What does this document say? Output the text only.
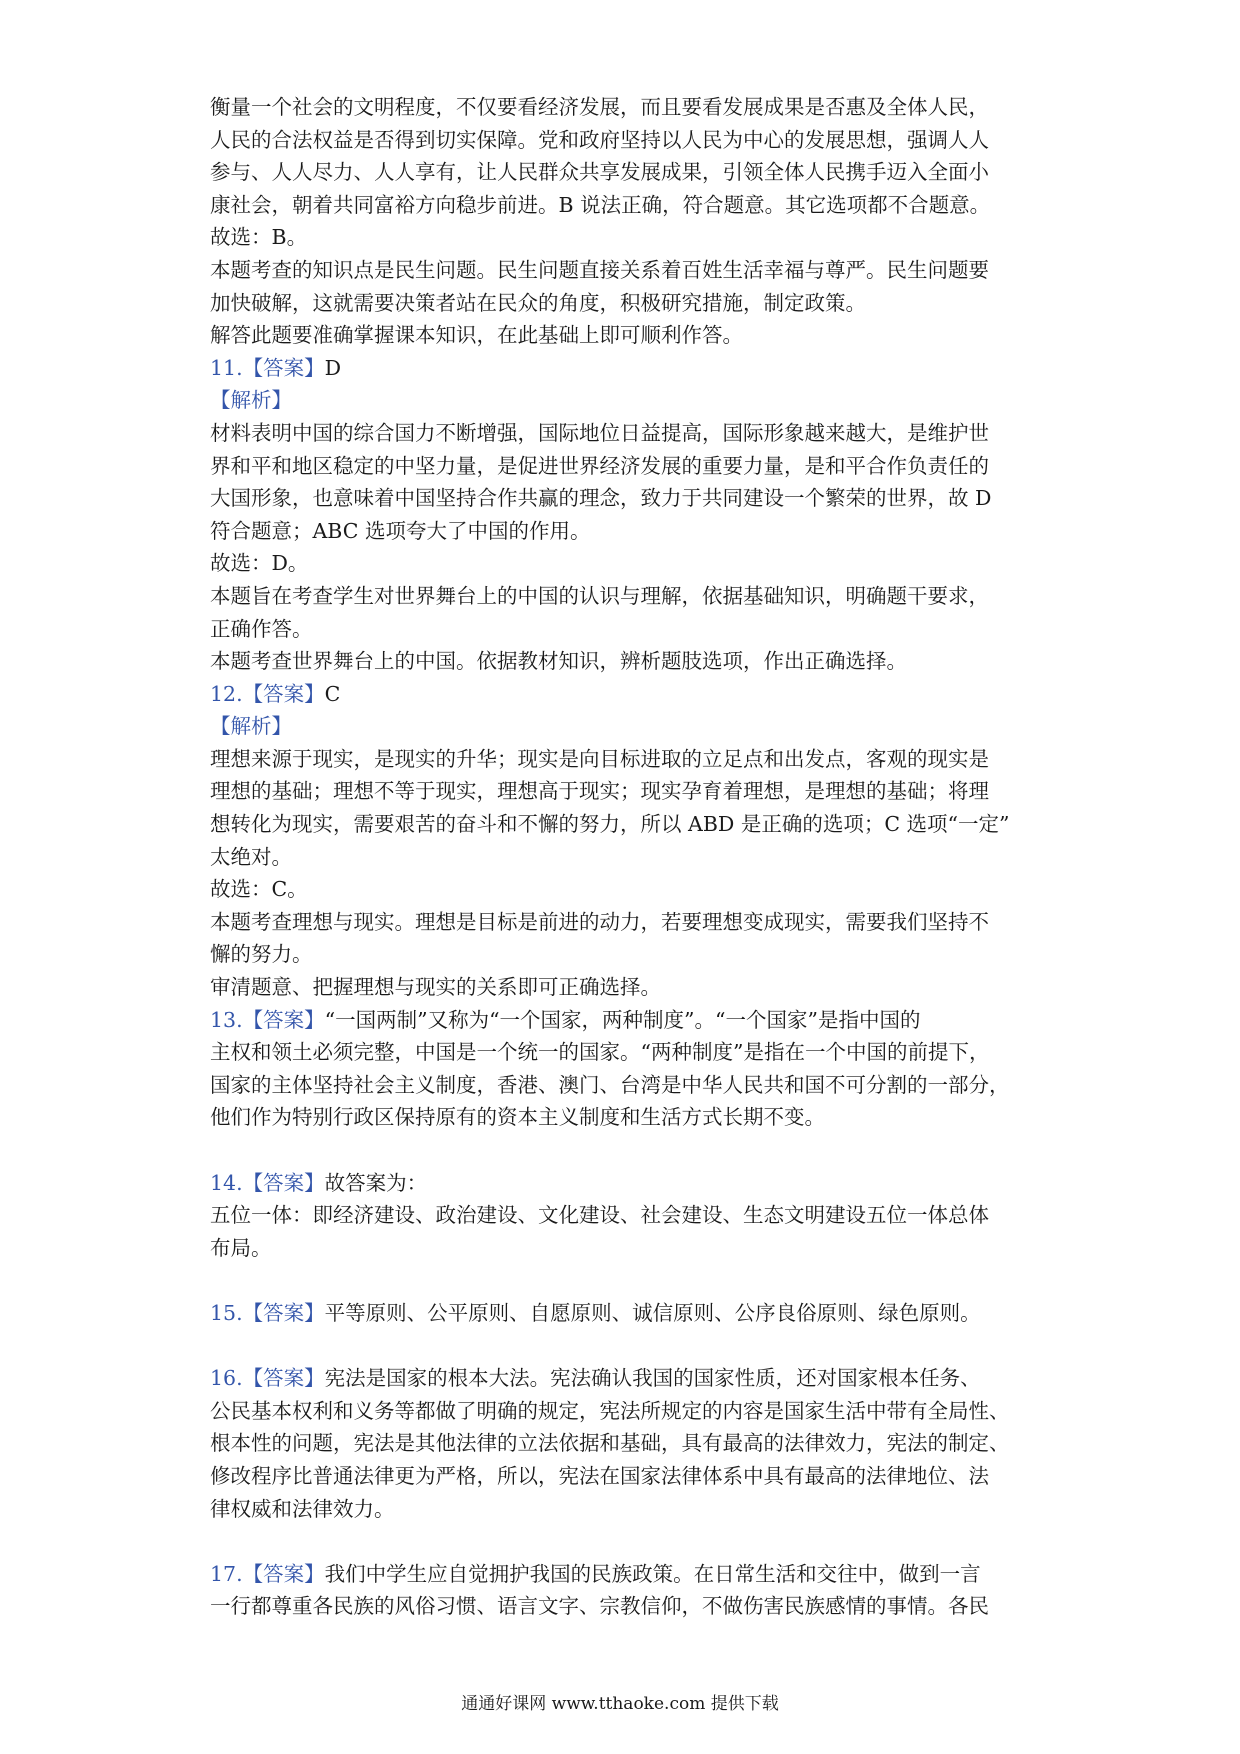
衡量一个社会的文明程度，不仅要看经济发展，而且要看发展成果是否惠及全体人民，
人民的合法权益是否得到切实保障。党和政府坚持以人民为中心的发展思想，强调人人
参与、人人尽力、人人享有，让人民群众共享发展成果，引领全体人民携手迈入全面小
康社会，朝着共同富裕方向稳步前进。B 说法正确，符合题意。其它选项都不合题意。
故选：B。
本题考查的知识点是民生问题。民生问题直接关系着百姓生活幸福与尊严。民生问题要
加快破解，这就需要决策者站在民众的角度，积极研究措施，制定政策。
解答此题要准确掌握课本知识，在此基础上即可顺利作答。
11.【答案】D
【解析】
材料表明中国的综合国力不断增强，国际地位日益提高，国际形象越来越大，是维护世
界和平和地区稳定的中坚力量，是促进世界经济发展的重要力量，是和平合作负责任的
大国形象，也意味着中国坚持合作共赢的理念，致力于共同建设一个繁荣的世界，故 D
符合题意；ABC 选项夸大了中国的作用。
故选：D。
本题旨在考查学生对世界舞台上的中国的认识与理解，依据基础知识，明确题干要求，
正确作答。
本题考查世界舞台上的中国。依据教材知识，辨析题肢选项，作出正确选择。
12.【答案】C
【解析】
理想来源于现实，是现实的升华；现实是向目标进取的立足点和出发点，客观的现实是
理想的基础；理想不等于现实，理想高于现实；现实孕育着理想，是理想的基础；将理
想转化为现实，需要艰苦的奋斗和不懈的努力，所以 ABD 是正确的选项；C 选项“一定”
太绝对。
故选：C。
本题考查理想与现实。理想是目标是前进的动力，若要理想变成现实，需要我们坚持不
懈的努力。
审清题意、把握理想与现实的关系即可正确选择。
13.【答案】“一国两制”又称为“一个国家，两种制度”。“一个国家”是指中国的
主权和领土必须完整，中国是一个统一的国家。“两种制度”是指在一个中国的前提下，
国家的主体坚持社会主义制度，香港、澳门、台湾是中华人民共和国不可分割的一部分，
他们作为特别行政区保持原有的资本主义制度和生活方式长期不变。
14.【答案】故答案为：
五位一体：即经济建设、政治建设、文化建设、社会建设、生态文明建设五位一体总体
布局。
15.【答案】平等原则、公平原则、自愿原则、诚信原则、公序良俗原则、绿色原则。
16.【答案】宪法是国家的根本大法。宪法确认我国的国家性质，还对国家根本任务、
公民基本权利和义务等都做了明确的规定，宪法所规定的内容是国家生活中带有全局性、
根本性的问题，宪法是其他法律的立法依据和基础，具有最高的法律效力，宪法的制定、
修改程序比普通法律更为严格，所以，宪法在国家法律体系中具有最高的法律地位、法
律权威和法律效力。
17.【答案】我们中学生应自觉拥护我国的民族政策。在日常生活和交往中，做到一言
一行都尊重各民族的风俗习惯、语言文字、宗教信仰，不做伤害民族感情的事情。各民
通通好课网 www.tthaoke.com 提供下载
